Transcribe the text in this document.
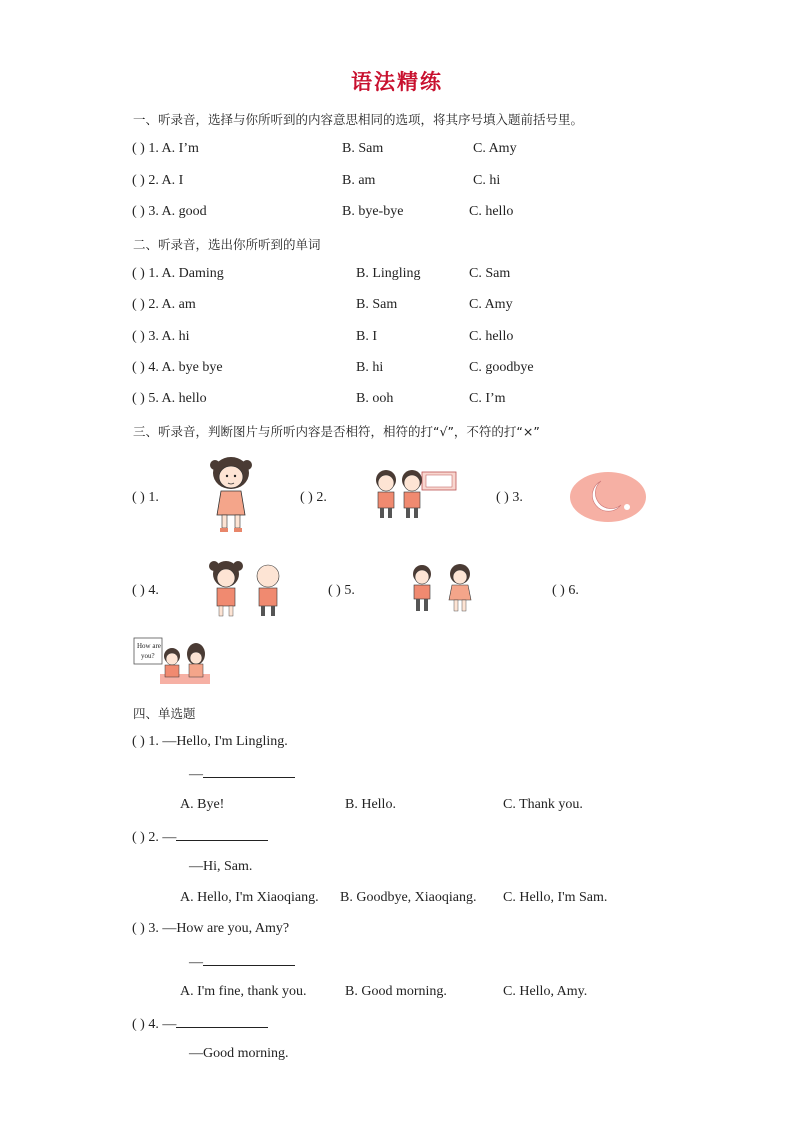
语法精练
一、听录音，选择与你所听到的内容意思相同的选项，将其序号填入题前括号里。
( ) 1. A. I’m	B. Sam	C. Amy
( ) 2. A. I	B. am	C. hi
( ) 3. A. good	B. bye-bye	C. hello
二、听录音，选出你所听到的单词
( ) 1. A. Daming	B. Lingling	C. Sam
( ) 2. A. am	B. Sam	C. Amy
( ) 3. A. hi	B. I	C. hello
( ) 4. A. bye bye	B. hi	C. goodbye
( ) 5. A. hello	B. ooh	C. I’m
三、听录音，判断图片与所听内容是否相符，相符的打“√”，不符的打“×”
( ) 1.	( ) 2.	( ) 3.
( ) 4.	( ) 5.	( ) 6.
How are
you?
四、单选题
( ) 1. —Hello, I'm Lingling.
—
A. Bye!	B. Hello.	C. Thank you.
( ) 2. —
—Hi, Sam.
A. Hello, I'm Xiaoqiang. B. Goodbye, Xiaoqiang. C. Hello, I'm Sam.
( ) 3. —How are you, Amy?
—
A. I'm fine, thank you.	B. Good morning.	C. Hello, Amy.
( ) 4. —
—Good morning.
